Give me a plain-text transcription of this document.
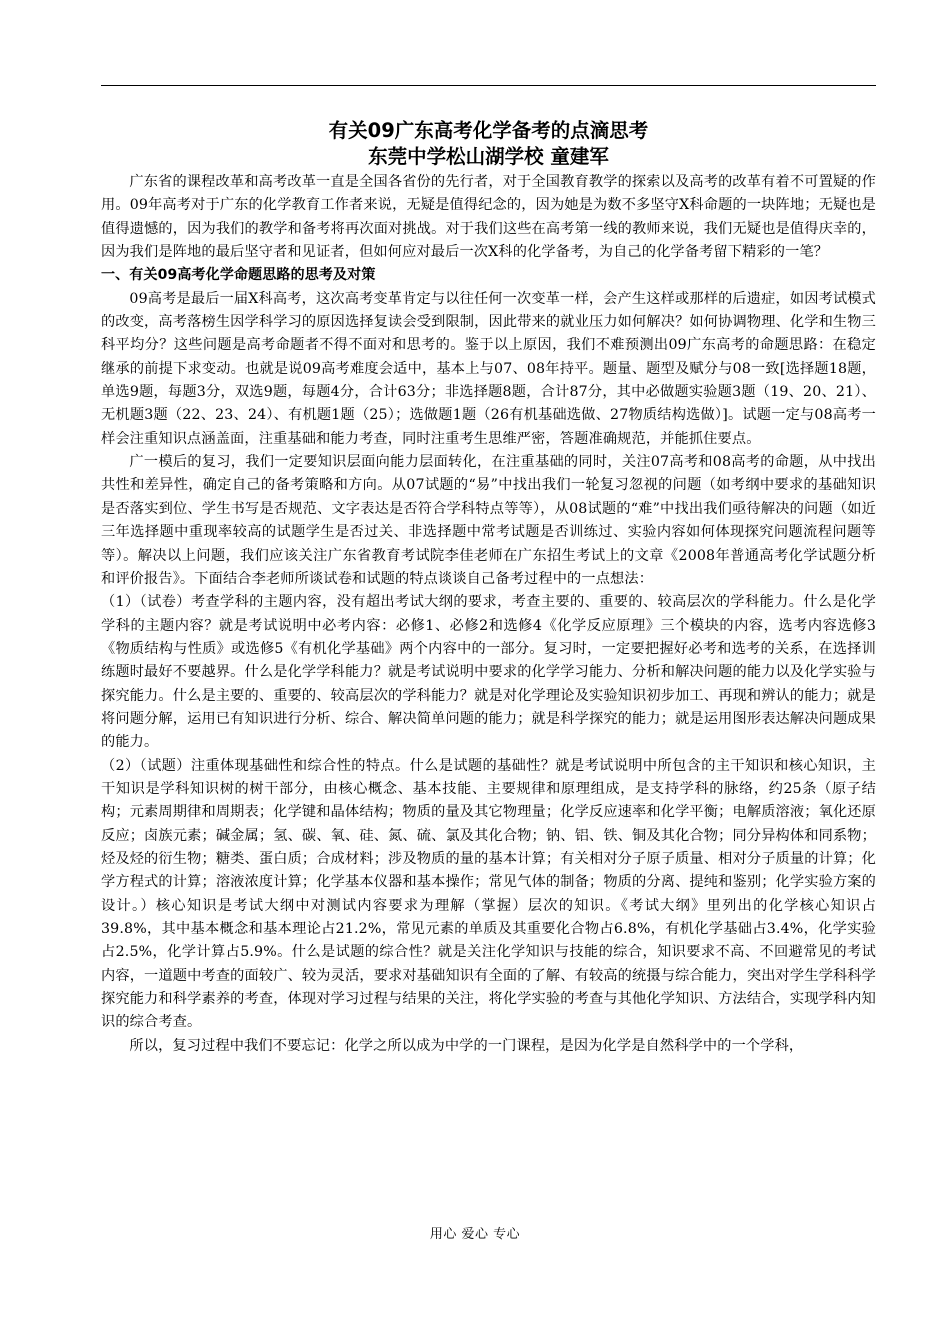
有关09广东高考化学备考的点滴思考
东莞中学松山湖学校 童建军

广东省的课程改革和高考改革一直是全国各省份的先行者，对于全国教育教学的探索以及高考的改革有着不可置疑的作用。09年高考对于广东的化学教育工作者来说，无疑是值得纪念的，因为她是为数不多坚守X科命题的一块阵地；无疑也是值得遗憾的，因为我们的教学和备考将再次面对挑战。对于我们这些在高考第一线的教师来说，我们无疑也是值得庆幸的，因为我们是阵地的最后坚守者和见证者，但如何应对最后一次X科的化学备考，为自己的化学备考留下精彩的一笔？

一、有关09高考化学命题思路的思考及对策

09高考是最后一届X科高考，这次高考变革肯定与以往任何一次变革一样，会产生这样或那样的后遗症，如因考试模式的改变，高考落榜生因学科学习的原因选择复读会受到限制，因此带来的就业压力如何解决？如何协调物理、化学和生物三科平均分？这些问题是高考命题者不得不面对和思考的。鉴于以上原因，我们不难预测出09广东高考的命题思路：在稳定继承的前提下求变动。也就是说09高考难度会适中，基本上与07、08年持平。题量、题型及赋分与08一致[选择题18题，单选9题，每题3分，双选9题，每题4分，合计63分；非选择题8题，合计87分，其中必做题实验题3题（19、20、21）、无机题3题（22、23、24）、有机题1题（25）；选做题1题（26有机基础选做、27物质结构选做）]。试题一定与08高考一样会注重知识点涵盖面，注重基础和能力考查，同时注重考生思维严密，答题准确规范，并能抓住要点。

广一模后的复习，我们一定要知识层面向能力层面转化，在注重基础的同时，关注07高考和08高考的命题，从中找出共性和差异性，确定自己的备考策略和方向。从07试题的“易”中找出我们一轮复习忽视的问题（如考纲中要求的基础知识是否落实到位、学生书写是否规范、文字表达是否符合学科特点等等），从08试题的“难”中找出我们亟待解决的问题（如近三年选择题中重现率较高的试题学生是否过关、非选择题中常考试题是否训练过、实验内容如何体现探究问题流程问题等等）。解决以上问题，我们应该关注广东省教育考试院李佳老师在广东招生考试上的文章《2008年普通高考化学试题分析和评价报告》。下面结合李老师所谈试卷和试题的特点谈谈自己备考过程中的一点想法：

（1）（试卷）考查学科的主题内容，没有超出考试大纲的要求，考查主要的、重要的、较高层次的学科能力。什么是化学学科的主题内容？就是考试说明中必考内容：必修1、必修2和选修4《化学反应原理》三个模块的内容，选考内容选修3《物质结构与性质》或选修5《有机化学基础》两个内容中的一部分。复习时，一定要把握好必考和选考的关系，在选择训练题时最好不要越界。什么是化学学科能力？就是考试说明中要求的化学学习能力、分析和解决问题的能力以及化学实验与探究能力。什么是主要的、重要的、较高层次的学科能力？就是对化学理论及实验知识初步加工、再现和辨认的能力；就是将问题分解，运用已有知识进行分析、综合、解决简单问题的能力；就是科学探究的能力；就是运用图形表达解决问题成果的能力。

（2）（试题）注重体现基础性和综合性的特点。什么是试题的基础性？就是考试说明中所包含的主干知识和核心知识，主干知识是学科知识树的树干部分，由核心概念、基本技能、主要规律和原理组成，是支持学科的脉络，约25条（原子结构；元素周期律和周期表；化学键和晶体结构；物质的量及其它物理量；化学反应速率和化学平衡；电解质溶液；氧化还原反应；卤族元素；碱金属；氢、碳、氧、硅、氮、硫、氯及其化合物；钠、铝、铁、铜及其化合物；同分异构体和同系物；烃及烃的衍生物；糖类、蛋白质；合成材料；涉及物质的量的基本计算；有关相对分子原子质量、相对分子质量的计算；化学方程式的计算；溶液浓度计算；化学基本仪器和基本操作；常见气体的制备；物质的分离、提纯和鉴别；化学实验方案的设计。）核心知识是考试大纲中对测试内容要求为理解（掌握）层次的知识。《考试大纲》里列出的化学核心知识占39.8%，其中基本概念和基本理论占21.2%，常见元素的单质及其重要化合物占6.8%，有机化学基础占3.4%，化学实验占2.5%，化学计算占5.9%。什么是试题的综合性？就是关注化学知识与技能的综合，知识要求不高、不回避常见的考试内容，一道题中考查的面较广、较为灵活，要求对基础知识有全面的了解、有较高的统摄与综合能力，突出对学生学科科学探究能力和科学素养的考查，体现对学习过程与结果的关注，将化学实验的考查与其他化学知识、方法结合，实现学科内知识的综合考查。

所以，复习过程中我们不要忘记：化学之所以成为中学的一门课程，是因为化学是自然科学中的一个学科，

用心 爱心 专心
